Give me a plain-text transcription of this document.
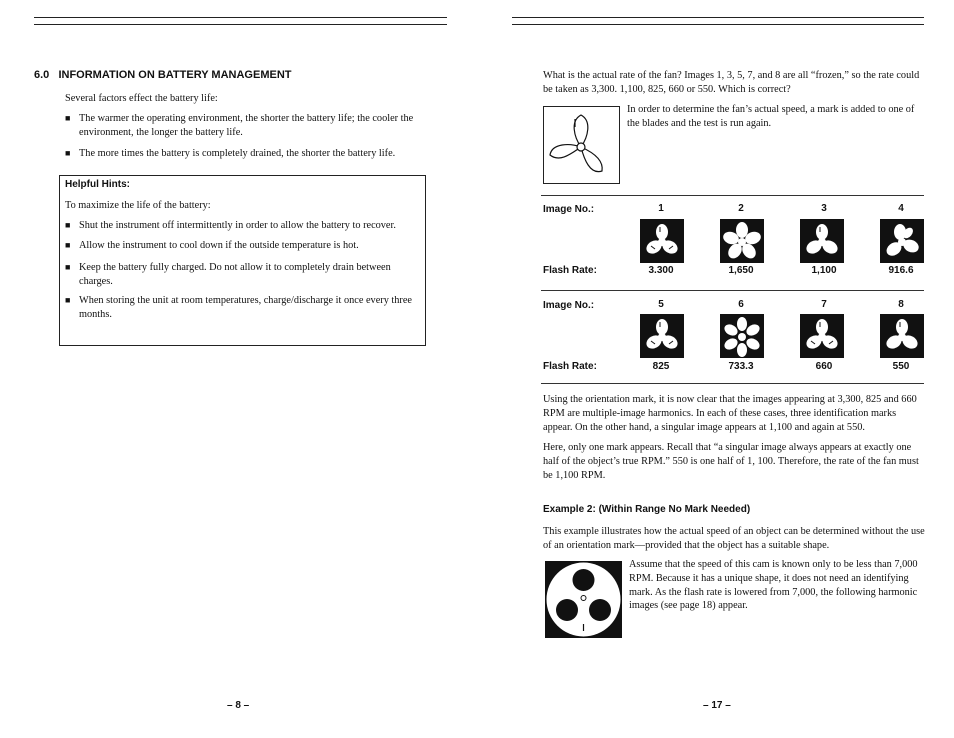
6.0   INFORMATION ON BATTERY MANAGEMENT
Several factors effect the battery life:
■ The warmer the operating environment, the shorter the battery life; the cooler the environment, the longer the battery life.
■ The more times the battery is completely drained, the shorter the battery life.
Helpful Hints:
To maximize the life of the battery:
■ Shut the instrument off intermittently in order to allow the battery to recover.
■ Allow the instrument to cool down if the outside temperature is hot.
■ Keep the battery fully charged. Do not allow it to completely drain between charges.
■ When storing the unit at room temperatures, charge/discharge it once every three months.
– 8 –
What is the actual rate of the fan? Images 1, 3, 5, 7, and 8 are all “frozen,” so the rate could be taken as 3,300. 1,100, 825, 660 or 550. Which is correct?
In order to determine the fan’s actual speed, a mark is added to one of the blades and the test is run again.
Image No.:	1	2	3	4
Flash Rate:	3.300	1,650	1,100	916.6
Image No.:	5	6	7	8
Flash Rate:	825	733.3	660	550
Using the orientation mark, it is now clear that the images appearing at 3,300, 825 and 660 RPM are multiple-image harmonics. In each of these cases, three identification marks appear. On the other hand, a singular image appears at 1,100 and again at 550.
Here, only one mark appears. Recall that “a singular image always appears at exactly one half of the object’s true RPM.” 550 is one half of 1, 100. Therefore, the rate of the fan must be 1,100 RPM.
Example 2: (Within Range No Mark Needed)
This example illustrates how the actual speed of an object can be determined without the use of an orientation mark—provided that the object has a suitable shape.
Assume that the speed of this cam is known only to be less than 7,000 RPM. Because it has a unique shape, it does not need an identifying mark. As the flash rate is lowered from 7,000, the following harmonic images (see page 18) appear.
– 17 –
